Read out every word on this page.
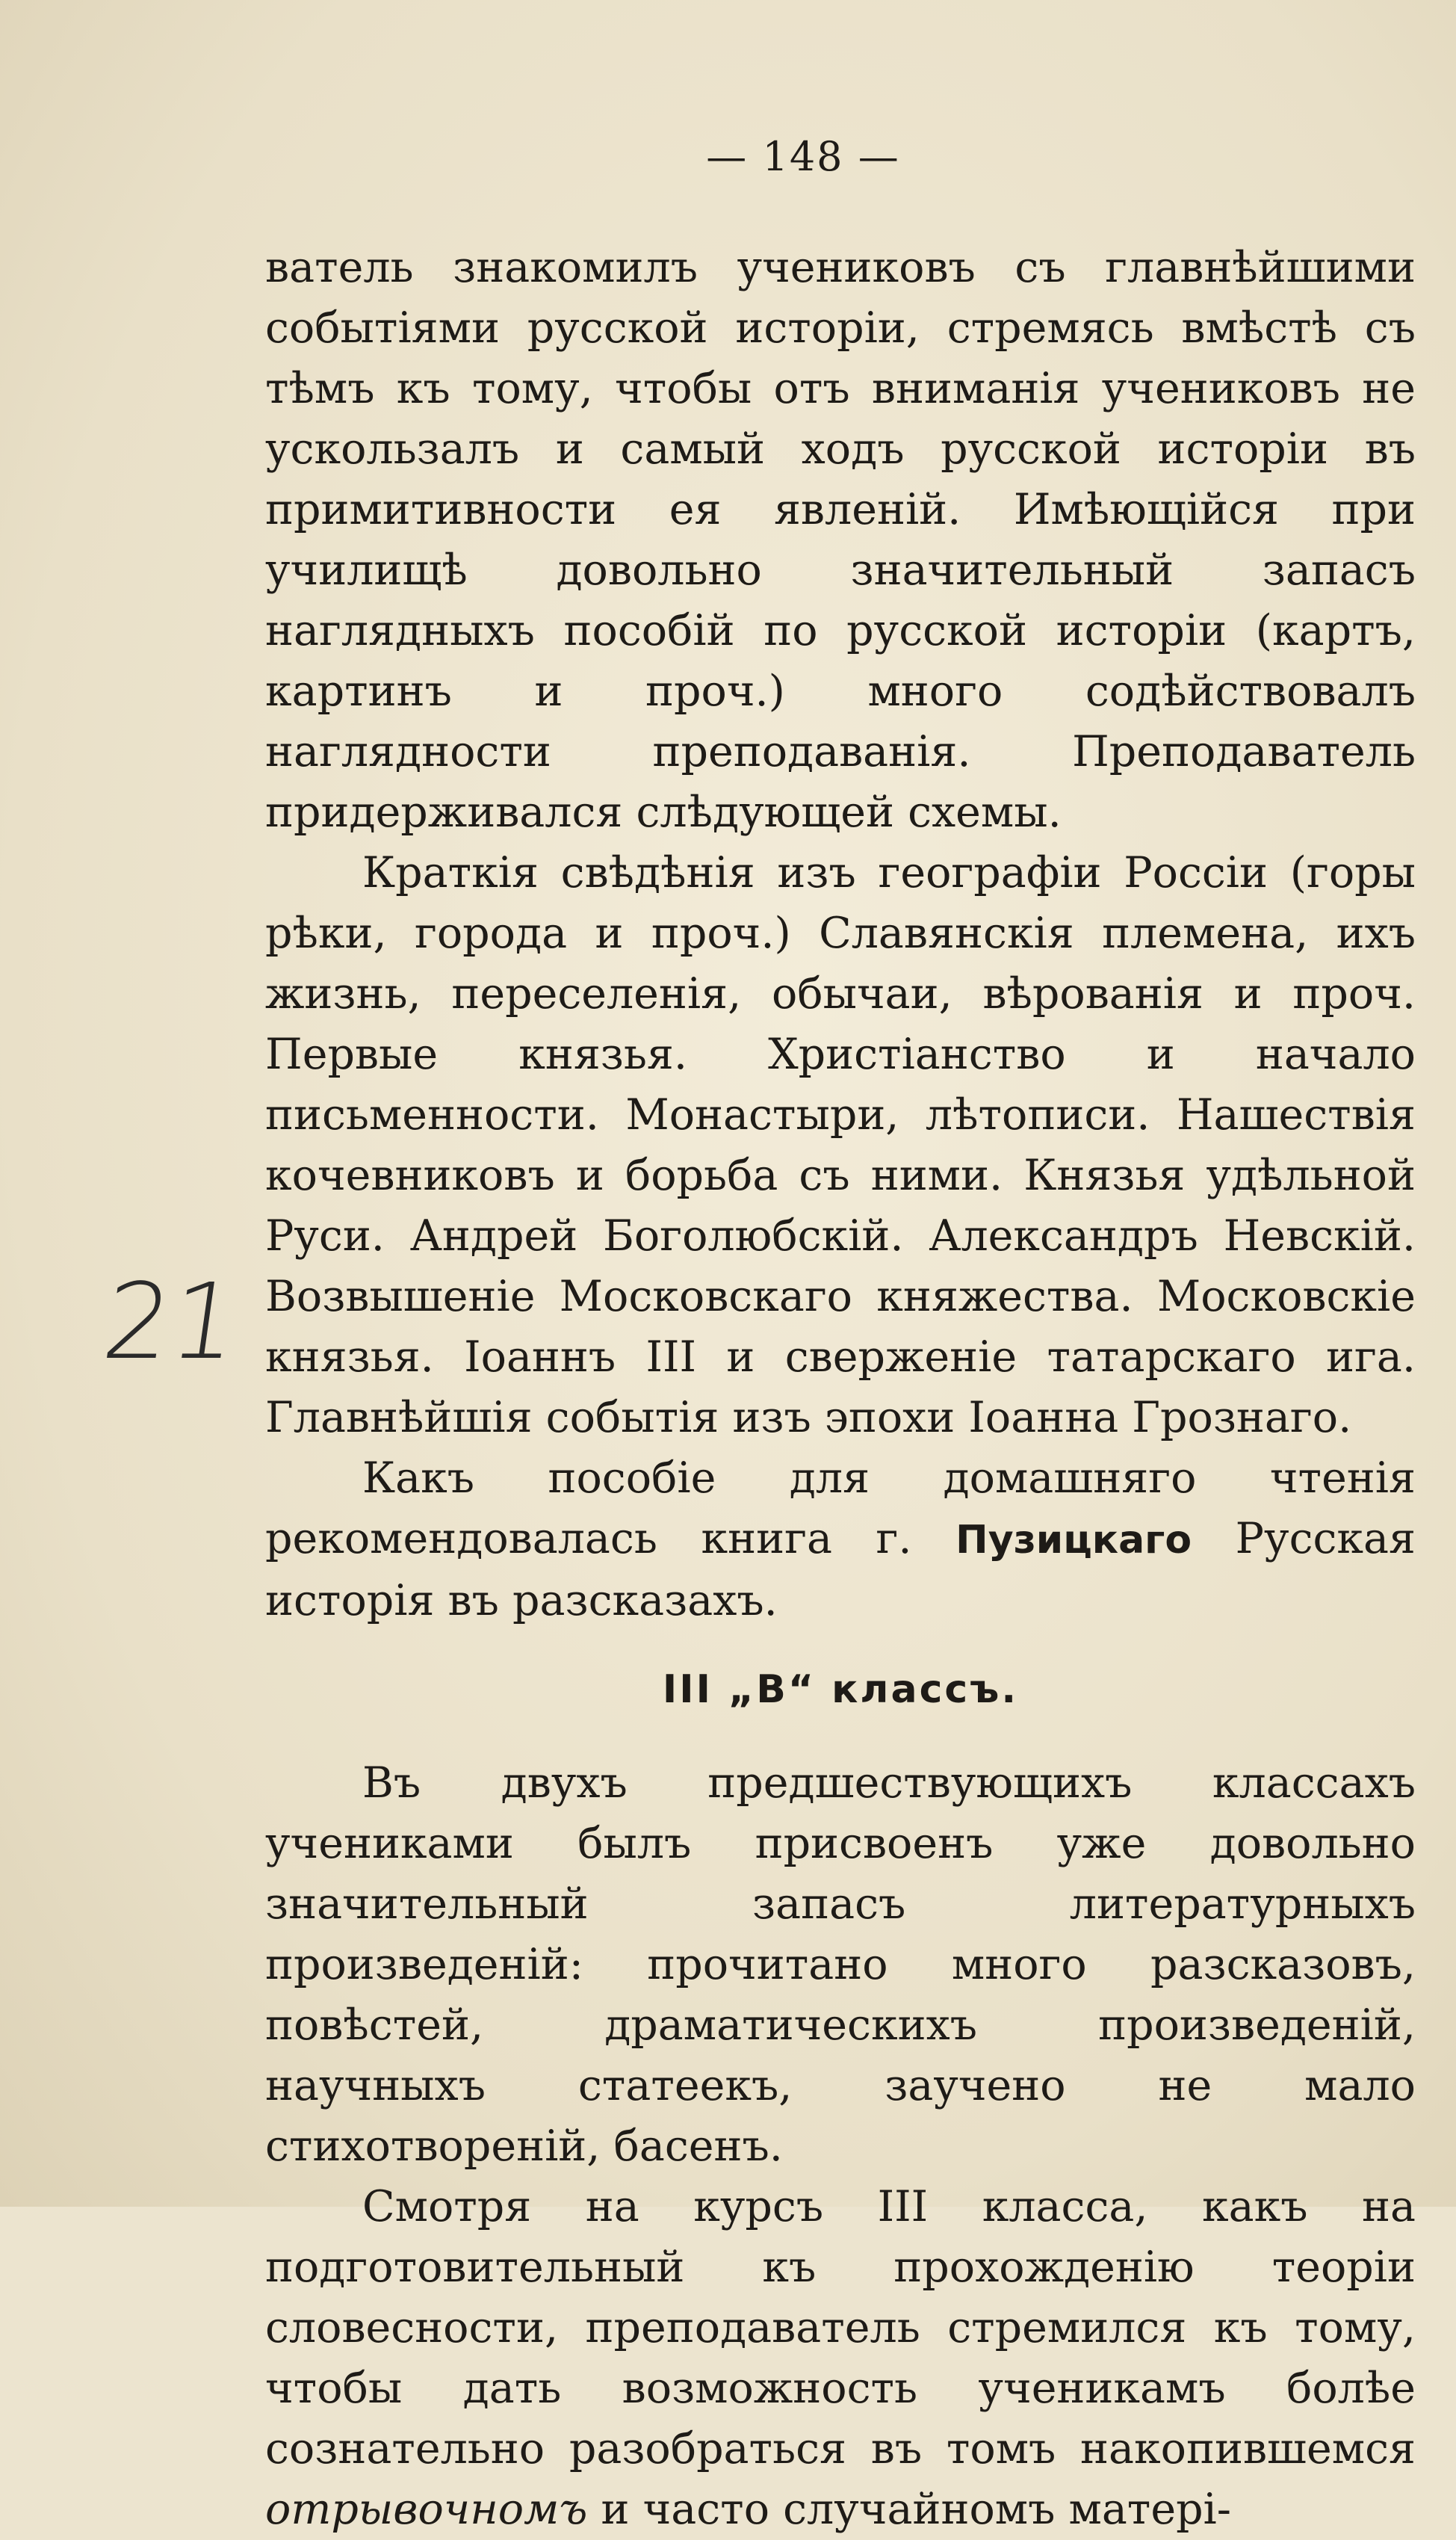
— 148 —
21

ватель знакомилъ учениковъ съ главнѣйшими событіями русской исторіи, стремясь вмѣстѣ съ тѣмъ къ тому, чтобы отъ вниманія учениковъ не ускользалъ и самый ходъ русской исторіи въ примитивности ея явленій. Имѣющійся при училищѣ довольно значительный запасъ наглядныхъ пособій по русской исторіи (картъ, картинъ и проч.) много содѣйствовалъ наглядности преподаванія. Преподаватель придерживался слѣдующей схемы.

Краткія свѣдѣнія изъ географіи Россіи (горы рѣки, города и проч.) Славянскія племена, ихъ жизнь, переселенія, обычаи, вѣрованія и проч. Первые князья. Христіанство и начало письменности. Монастыри, лѣтописи. Нашествія кочевниковъ и борьба съ ними. Князья удѣльной Руси. Андрей Боголюбскій. Александръ Невскій. Возвышеніе Московскаго княжества. Московскіе князья. Іоаннъ III и сверженіе татарскаго ига. Главнѣйшія событія изъ эпохи Іоанна Грознаго.

Какъ пособіе для домашняго чтенія рекомендовалась книга г. Пузицкаго Русская исторія въ разсказахъ.

III „В“ классъ.

Въ двухъ предшествующихъ классахъ учениками былъ присвоенъ уже довольно значительный запасъ литературныхъ произведеній: прочитано много разсказовъ, повѣстей, драматическихъ произведеній, научныхъ статеекъ, заучено не мало стихотвореній, басенъ.

Смотря на курсъ III класса, какъ на подготовительный къ прохожденію теоріи словесности, преподаватель стремился къ тому, чтобы дать возможность ученикамъ болѣе сознательно разобраться въ томъ накопившемся отрывочномъ и часто случайномъ матері-
